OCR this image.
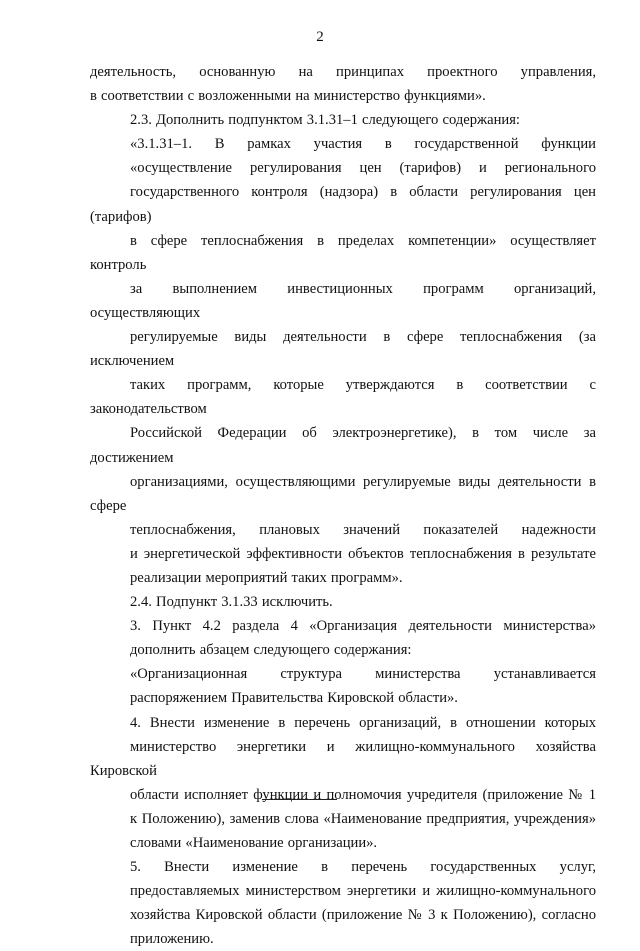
2

деятельность, основанную на принципах проектного управления,
в соответствии с возложенными на министерство функциями».

2.3. Дополнить подпунктом 3.1.31–1 следующего содержания:

«3.1.31–1. В рамках участия в государственной функции
«осуществление регулирования цен (тарифов) и регионального
государственного контроля (надзора) в области регулирования цен (тарифов)
в сфере теплоснабжения в пределах компетенции» осуществляет контроль
за выполнением инвестиционных программ организаций, осуществляющих
регулируемые виды деятельности в сфере теплоснабжения (за исключением
таких программ, которые утверждаются в соответствии с законодательством
Российской Федерации об электроэнергетике), в том числе за достижением
организациями, осуществляющими регулируемые виды деятельности в сфере
теплоснабжения, плановых значений показателей надежности
и энергетической эффективности объектов теплоснабжения в результате
реализации мероприятий таких программ».

2.4. Подпункт 3.1.33 исключить.

3. Пункт 4.2 раздела 4 «Организация деятельности министерства»
дополнить абзацем следующего содержания:

«Организационная структура министерства устанавливается
распоряжением Правительства Кировской области».

4. Внести изменение в перечень организаций, в отношении которых
министерство энергетики и жилищно-коммунального хозяйства Кировской
области исполняет функции и полномочия учредителя (приложение № 1
к Положению), заменив слова «Наименование предприятия, учреждения»
словами «Наименование организации».

5. Внести изменение в перечень государственных услуг,
предоставляемых министерством энергетики и жилищно-коммунального
хозяйства Кировской области (приложение № 3 к Положению), согласно
приложению.
